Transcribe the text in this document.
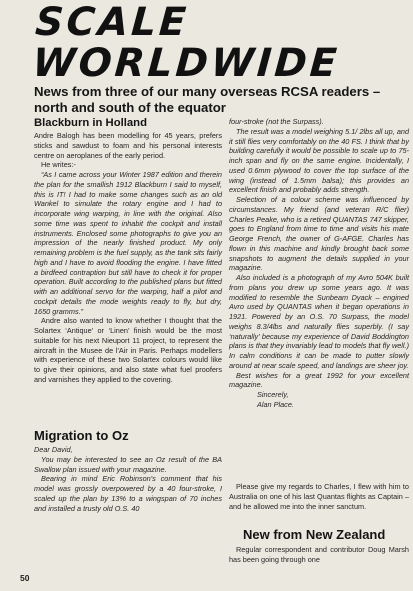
SCALE
WORLDWIDE
News from three of our many overseas RCSA readers – north and south of the equator
Blackburn in Holland

Andre Balogh has been modelling for 45 years, prefers sticks and sawdust to foam and his personal interests centre on aeroplanes of the early period.

He writes:-

“As I came across your Winter 1987 edition and therein the plan for the smallish 1912 Blackburn I said to myself, this is IT! I had to make some changes such as an old Wankel to simulate the rotary engine and I had to incorporate wing warping, in line with the original. Also some time was spent to inhabit the cockpit and install instruments. Enclosed some photographs to give you an impression of the nearly finished product. My only remaining problem is the fuel supply, as the tank sits fairly high and I have to avoid flooding the engine. I have fitted a birdfeed contraption but still have to check it for proper operation. Built according to the published plans but fitted with an additional servo for the warping, half a pilot and cockpit details the mode weights ready to fly, but dry, 1650 gramms.”

Andre also wanted to know whether I thought that the Solartex ‘Antique’ or ‘Linen’ finish would be the most suitable for his next Nieuport 11 project, to represent the aircraft in the Musee de l'Air in Paris. Perhaps modellers with experience of these two Solartex colours would like to give their opinions, and also state what fuel proofers and varnishes they applied to the covering.

Migration to Oz

Dear David,

You may be interested to see an Oz result of the BA Swallow plan issued with your magazine.

Bearing in mind Eric Robinson's comment that his model was grossly overpowered by a 40 four-stroke, I scaled up the plan by 13% to a wingspan of 70 inches and installed a trusty old O.S. 40

50

four-stroke (not the Surpass).

The result was a model weighing 5.1/ 2lbs all up, and it still flies very comfortably on the 40 FS. I think that by building carefully it would be possible to scale up to 75-inch span and fly on the same engine. Incidentally, I used 0.6mm plywood to cover the top surface of the wing (instead of 1.5mm balsa); this provides an excellent finish and probably adds strength.

Selection of a colour scheme was influenced by circumstances. My friend (and veteran R/C flier) Charles Peake, who is a retired QUANTAS 747 skipper, goes to England from time to time and visits his mate George French, the owner of G-AFGE. Charles has flown in this machine and kindly brought back some snapshots to augment the details supplied in your magazine.

Also included is a photograph of my Avro 504K built from plans you drew up some years ago. It was modified to resemble the Sunbeam Dyack – engined Avro used by QUANTAS when it began operations in 1921. Powered by an O.S. 70 Surpass, the model weighs 8.3/4lbs and naturally flies superbly. (I say ‘naturally’ because my experience of David Boddington plans is that they invariably lead to models that fly well.) In calm conditions it can be made to putter slowly around at near scale speed, and landings are sheer joy.

Best wishes for a great 1992 for your excellent magazine.

Sincerely,

Alan Place.

Please give my regards to Charles, I flew with him to Australia on one of his last Quantas flights as Captain – and he allowed me into the inner sanctum.

New from New Zealand

Regular correspondent and contributor Doug Marsh has been going through one
